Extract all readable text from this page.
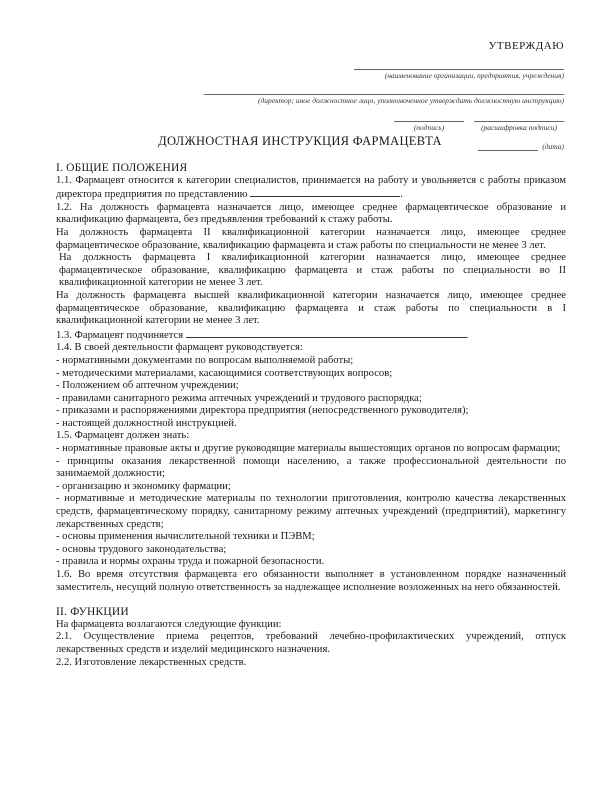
УТВЕРЖДАЮ
(наименование организации, предприятия, учреждения)
(директор; иное должностное лицо, уполномоченное утверждать должностную инструкцию)
(подпись)	(расшифровка подписи)
(дата)
ДОЛЖНОСТНАЯ ИНСТРУКЦИЯ ФАРМАЦЕВТА
I. ОБЩИЕ ПОЛОЖЕНИЯ

1.1. Фармацевт относится к категории специалистов, принимается на работу и увольняется с работы приказом директора предприятия по представлению	.

1.2. На должность фармацевта назначается лицо, имеющее среднее фармацевтическое образование и квалификацию фармацевта, без предъявления требований к стажу работы.

На должность фармацевта II квалификационной категории назначается лицо, имеющее среднее фармацевтическое образование, квалификацию фармацевта и стаж работы по специальности не менее 3 лет.

На должность фармацевта I квалификационной категории назначается лицо, имеющее среднее фармацевтическое образование, квалификацию фармацевта и стаж работы по специальности во II квалификационной категории не менее 3 лет.

На должность фармацевта высшей квалификационной категории назначается лицо, имеющее среднее фармацевтическое образование, квалификацию фармацевта и стаж работы по специальности в I квалификационной категории не менее 3 лет.

1.3. Фармацевт подчиняется	.

1.4. В своей деятельности фармацевт руководствуется:

- нормативными документами по вопросам выполняемой работы;

- методическими материалами, касающимися соответствующих вопросов;

- Положением об аптечном учреждении;

- правилами санитарного режима аптечных учреждений и трудового распорядка;

- приказами и распоряжениями директора предприятия (непосредственного руководителя);

- настоящей должностной инструкцией.

1.5. Фармацевт должен знать:

- нормативные правовые акты и другие руководящие материалы вышестоящих органов по вопросам фармации;

- принципы оказания лекарственной помощи населению, а также профессиональной деятельности по занимаемой должности;

- организацию и экономику фармации;

- нормативные и методические материалы по технологии приготовления, контролю качества лекарственных средств, фармацевтическому порядку, санитарному режиму аптечных учреждений (предприятий), маркетингу лекарственных средств;

- основы применения вычислительной техники и ПЭВМ;

- основы трудового законодательства;

- правила и нормы охраны труда и пожарной безопасности.

1.6. Во время отсутствия фармацевта его обязанности выполняет в установленном порядке назначенный заместитель, несущий полную ответственность за надлежащее исполнение возложенных на него обязанностей.

II. ФУНКЦИИ

На фармацевта возлагаются следующие функции:

2.1. Осуществление приема рецептов, требований лечебно-профилактических учреждений, отпуск лекарственных средств и изделий медицинского назначения.

2.2. Изготовление лекарственных средств.
